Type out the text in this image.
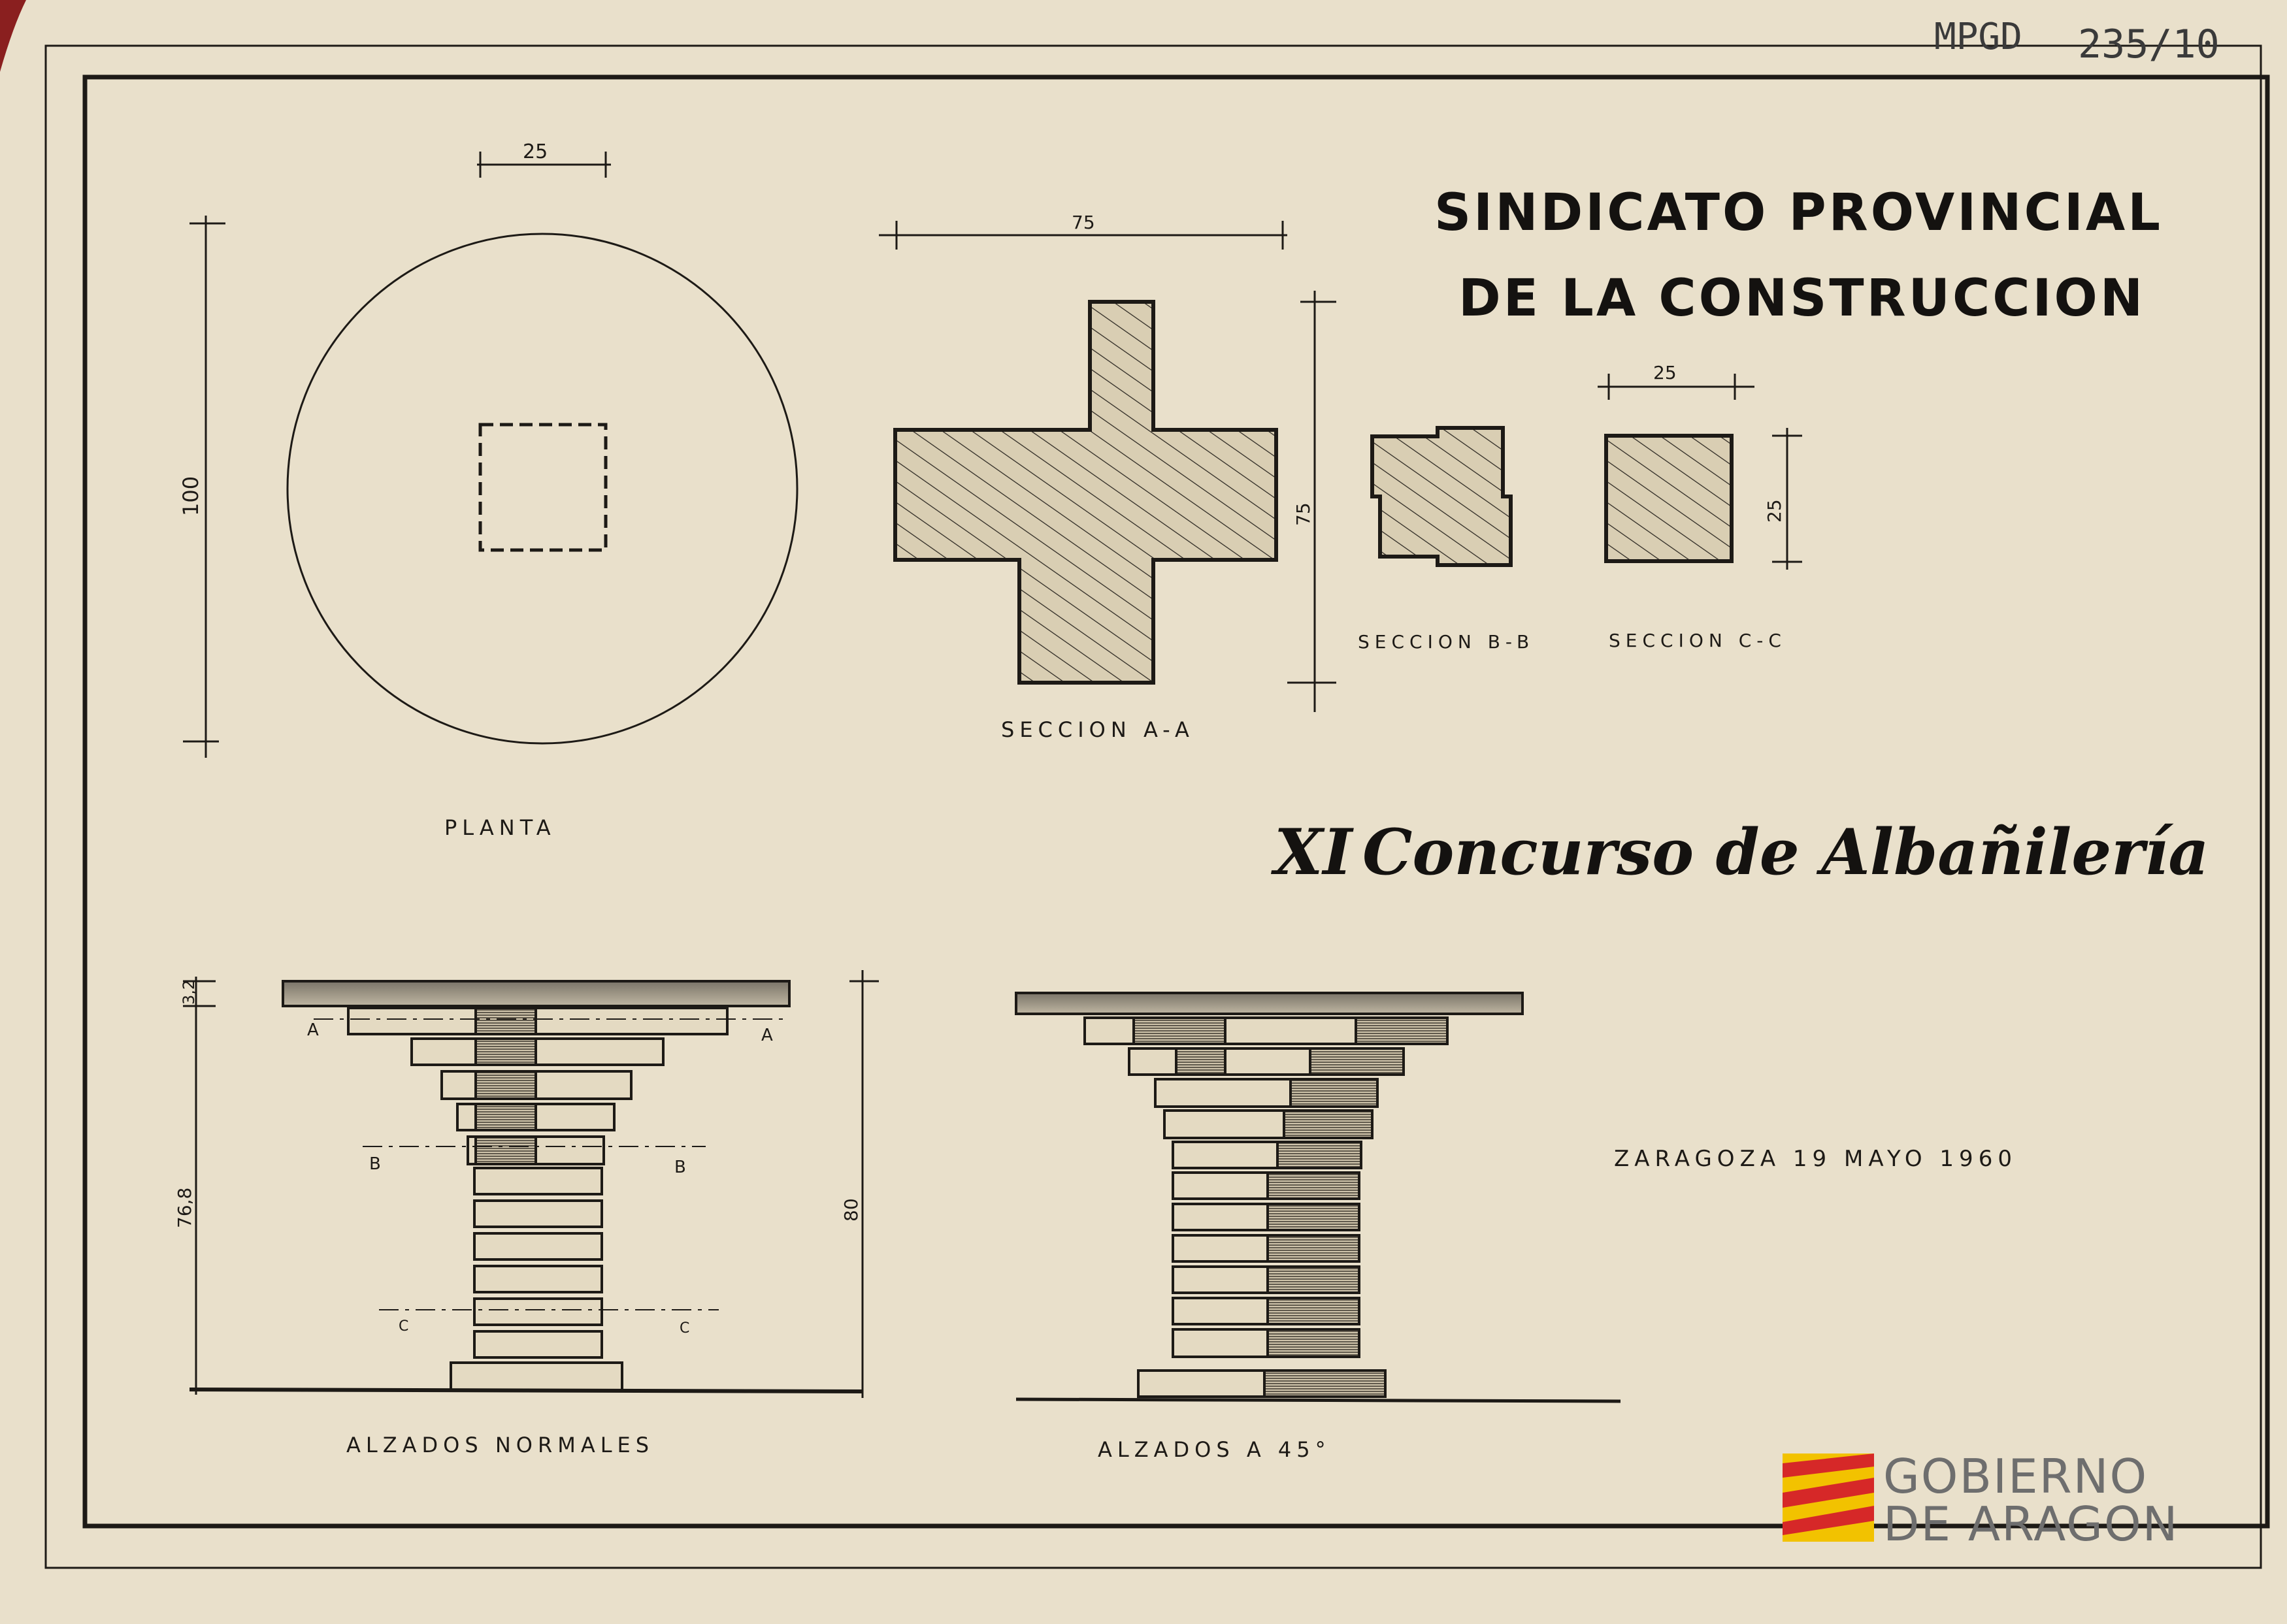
MPGD 235/10
25
100
PLANTA
75
75
SECCION A-A
SECCION B-B
25
25
SECCION C-C
SINDICATO PROVINCIAL
DE LA CONSTRUCCION
XI Concurso de Albañilería
ZARAGOZA 19 MAYO 1960
A	A
B	B
C	C
3,2
76,8	80
ALZADOS NORMALES	ALZADOS A 45°	GOBIERNO
DE ARAGON
